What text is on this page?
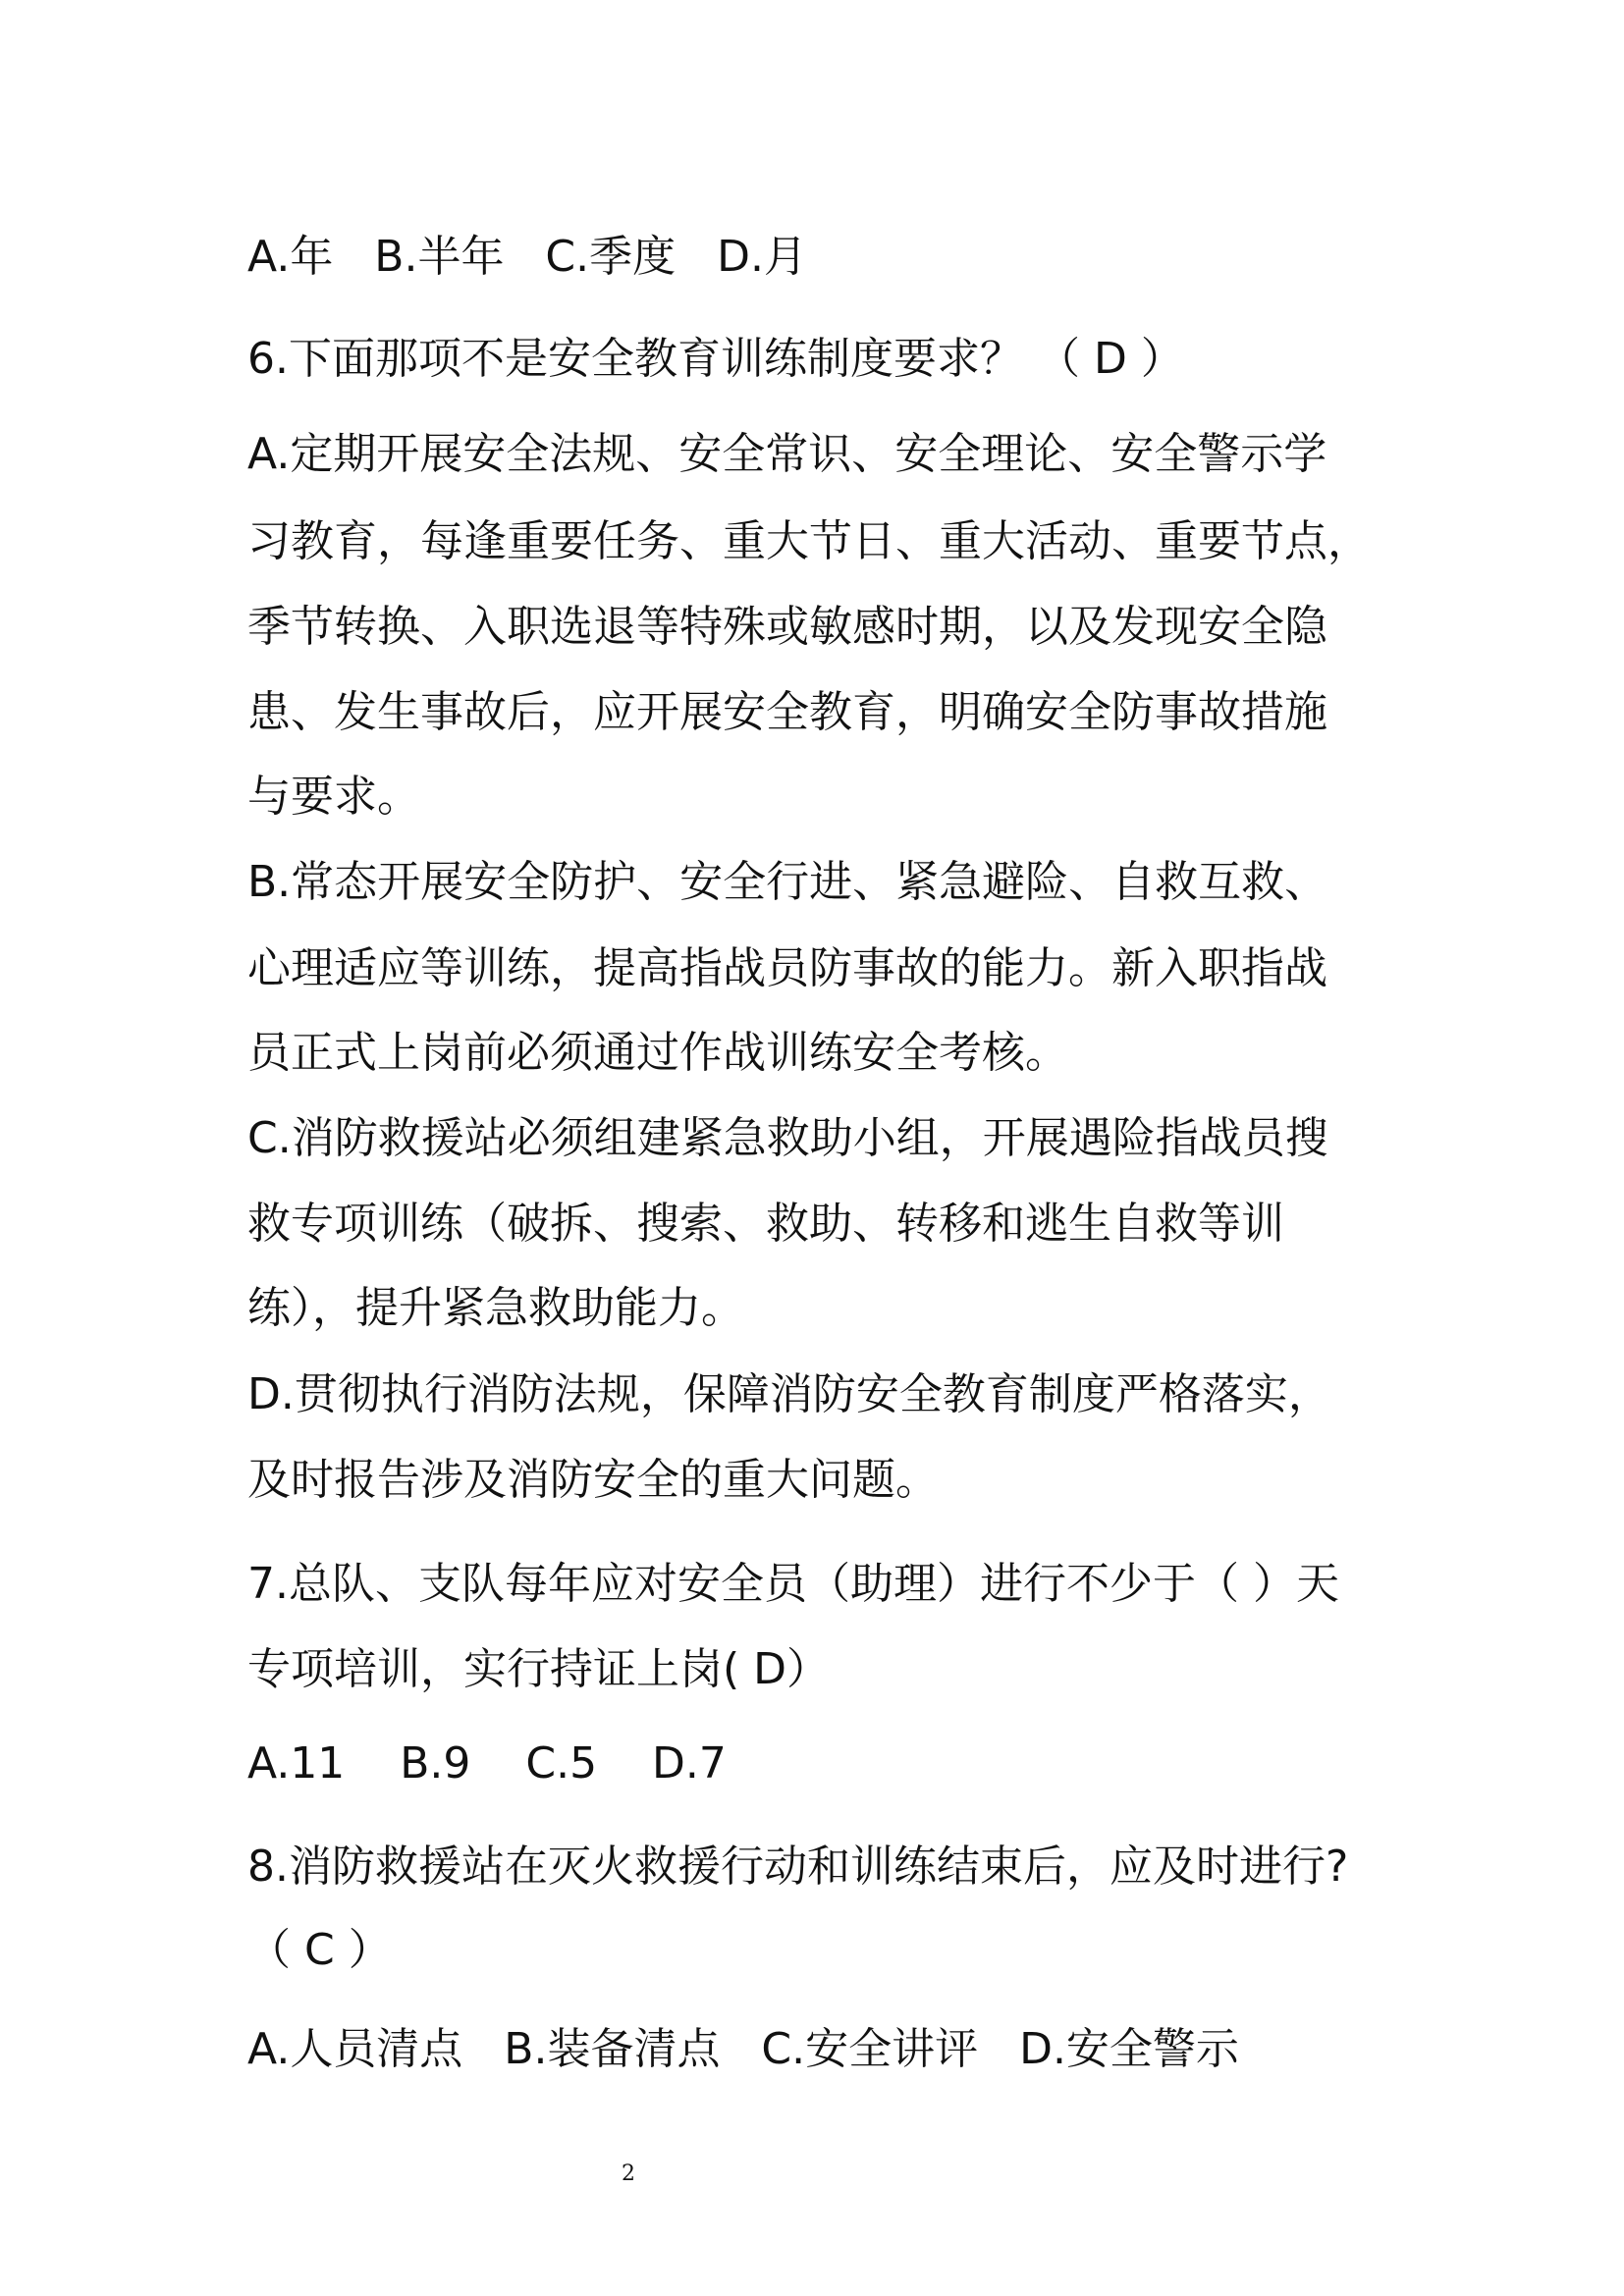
A.年   B.半年   C.季度   D.月

6.下面那项不是安全教育训练制度要求？ （ D ）

A.定期开展安全法规、安全常识、安全理论、安全警示学

习教育，每逢重要任务、重大节日、重大活动、重要节点，

季节转换、入职选退等特殊或敏感时期，以及发现安全隐

患、发生事故后，应开展安全教育，明确安全防事故措施

与要求。

B.常态开展安全防护、安全行进、紧急避险、自救互救、

心理适应等训练，提高指战员防事故的能力。新入职指战

员正式上岗前必须通过作战训练安全考核。

C.消防救援站必须组建紧急救助小组，开展遇险指战员搜

救专项训练（破拆、搜索、救助、转移和逃生自救等训

练），提升紧急救助能力。

D.贯彻执行消防法规，保障消防安全教育制度严格落实，

及时报告涉及消防安全的重大问题。

7.总队、支队每年应对安全员（助理）进行不少于（ ）天

专项培训，实行持证上岗( D）

A.11    B.9    C.5    D.7

8.消防救援站在灭火救援行动和训练结束后，应及时进行?

（ C ）

A.人员清点   B.装备清点   C.安全讲评   D.安全警示

2
